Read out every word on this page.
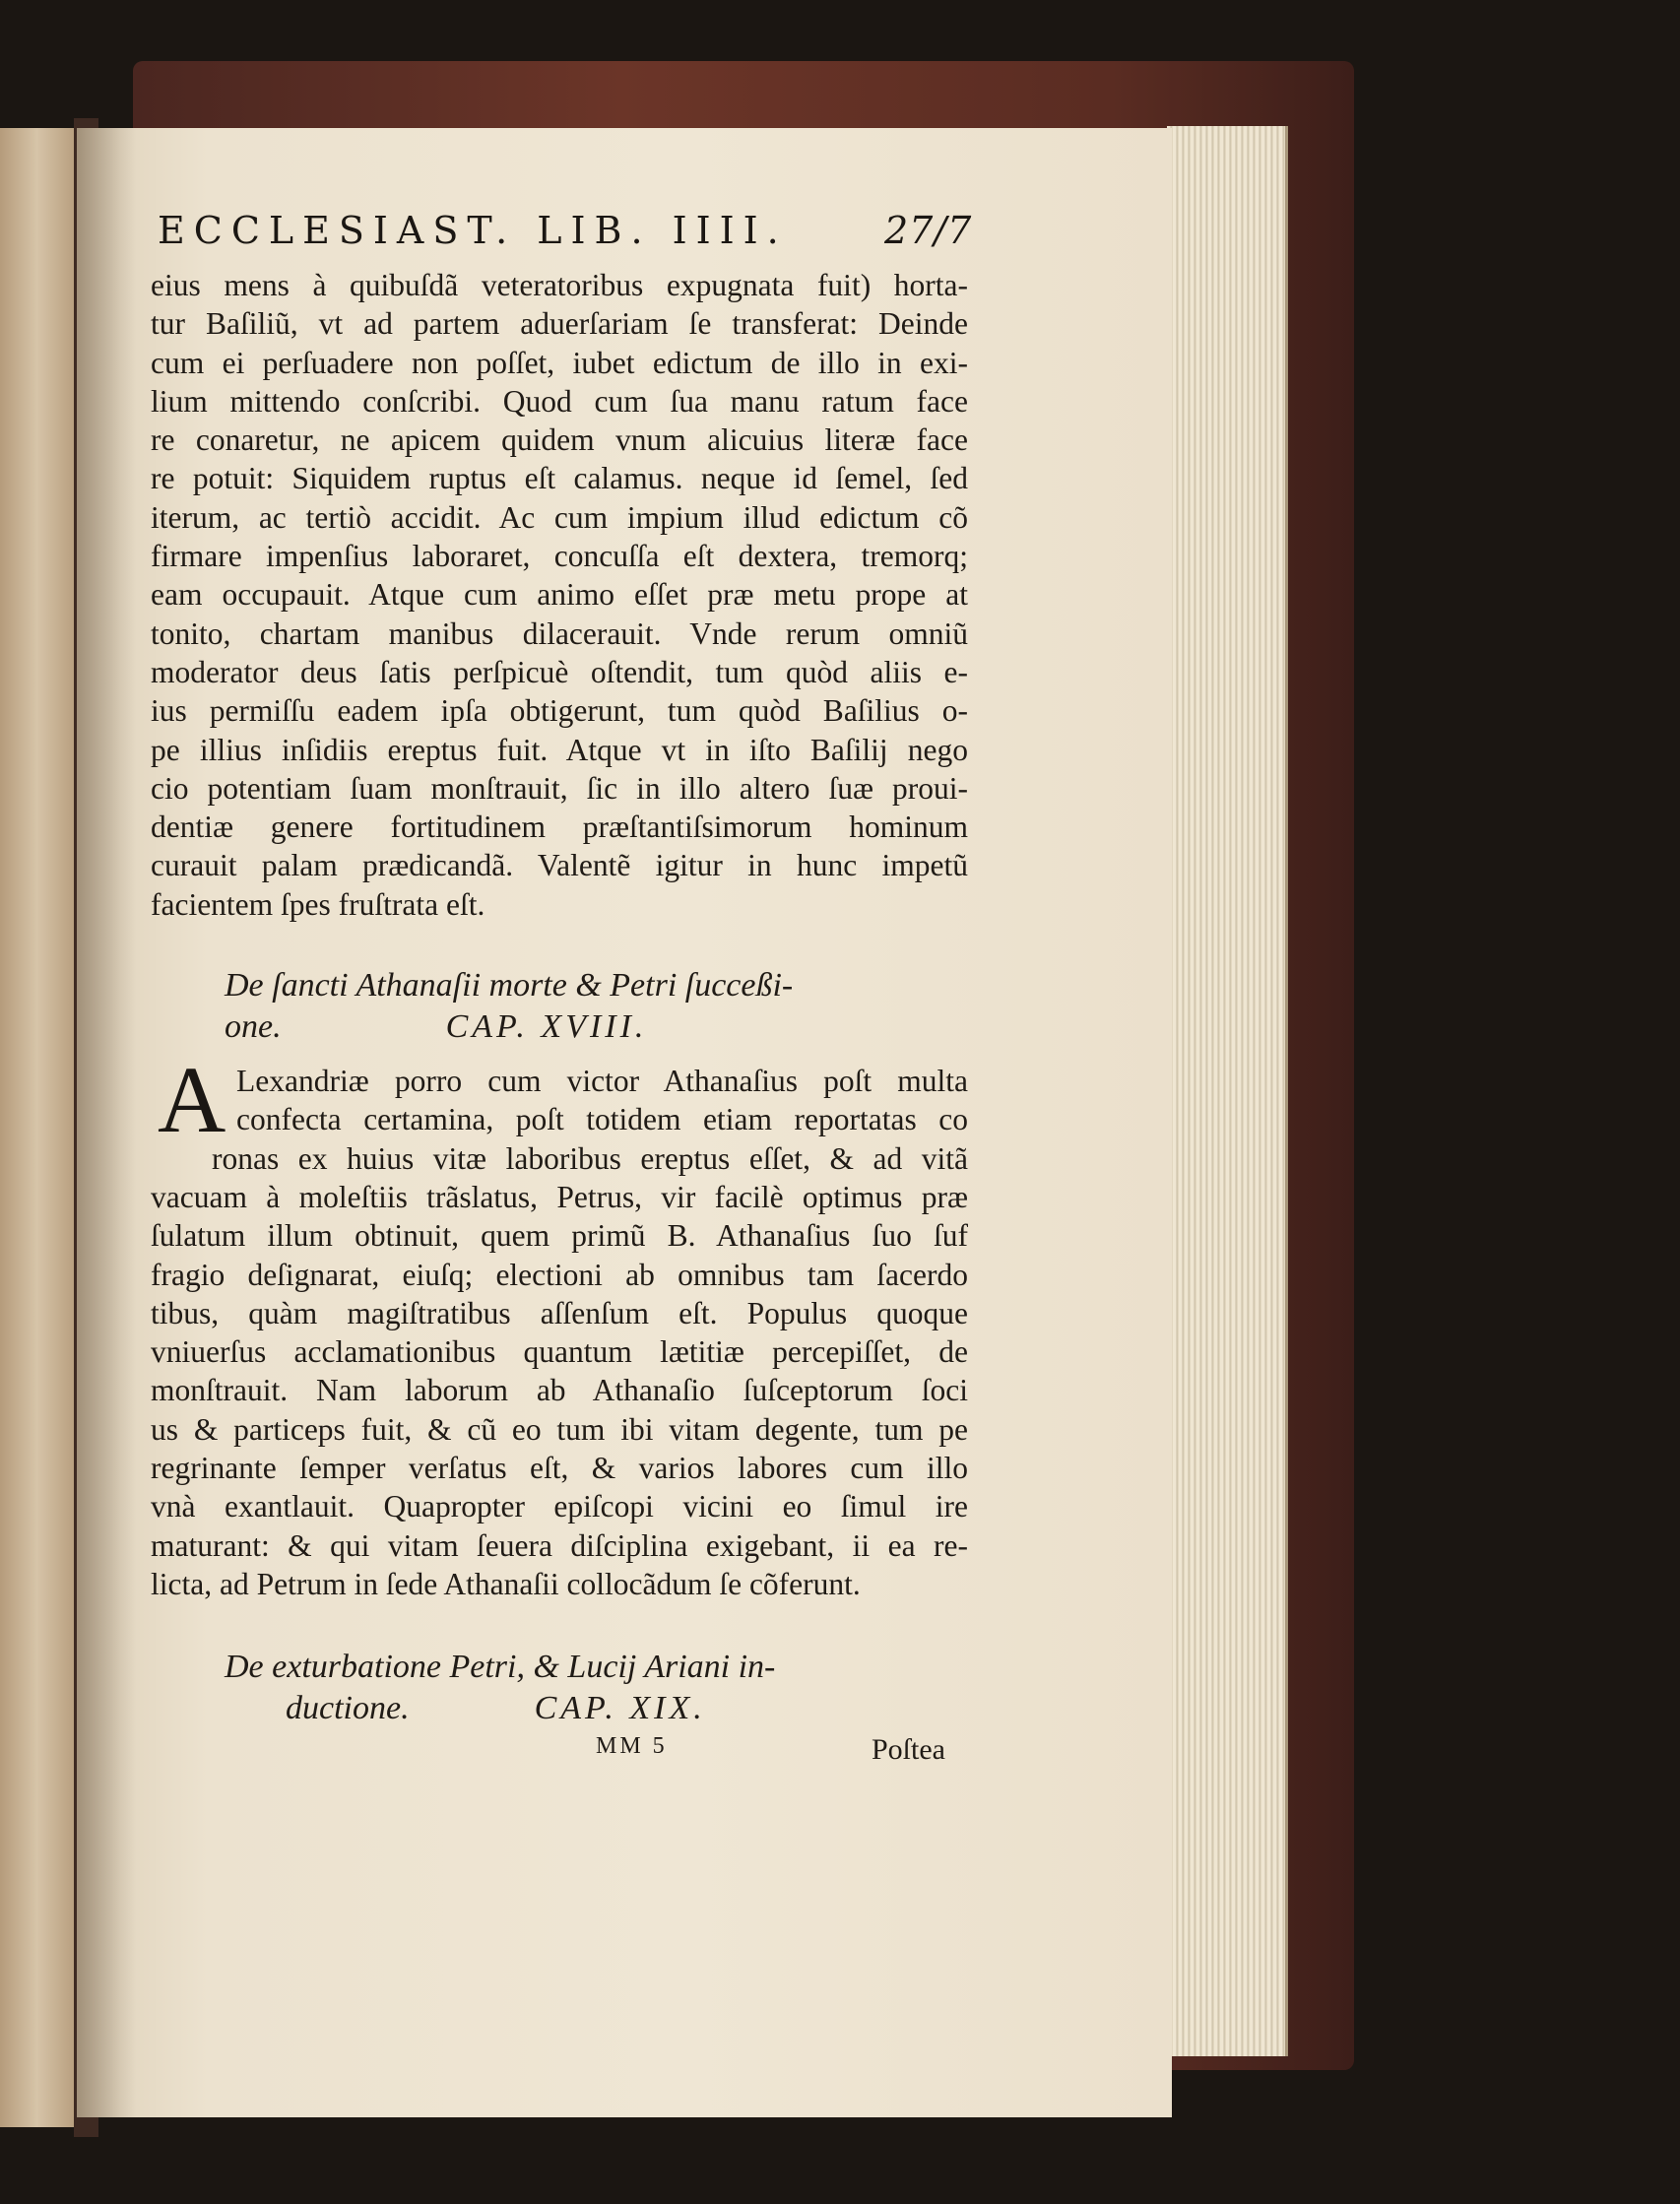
ECCLESIAST. LIB. IIII.	27/7
eius mens à quibuſdã veteratoribus expugnata fuit) horta-
tur Baſiliũ, vt ad partem aduerſariam ſe transferat: Deinde
cum ei perſuadere non poſſet, iubet edictum de illo in exi-
lium mittendo conſcribi. Quod cum ſua manu ratum face
re conaretur, ne apicem quidem vnum alicuius literæ face
re potuit: Siquidem ruptus eſt calamus. neque id ſemel, ſed
iterum, ac tertiò accidit. Ac cum impium illud edictum cõ
firmare impenſius laboraret, concuſſa eſt dextera, tremorq;
eam occupauit. Atque cum animo eſſet præ metu prope at
tonito, chartam manibus dilacerauit. Vnde rerum omniũ
moderator deus ſatis perſpicuè oſtendit, tum quòd aliis e-
ius permiſſu eadem ipſa obtigerunt, tum quòd Baſilius o-
pe illius inſidiis ereptus fuit. Atque vt in iſto Baſilij nego
cio potentiam ſuam monſtrauit, ſic in illo altero ſuæ proui-
dentiæ genere fortitudinem præſtantiſsimorum hominum
curauit palam prædicandã. Valentẽ igitur in hunc impetũ
facientem ſpes fruſtrata eſt.
De ſancti Athanaſii morte & Petri ſucceßi-
one.	CAP. XVIII.
A Lexandriæ porro cum victor Athanaſius poſt multa
confecta certamina, poſt totidem etiam reportatas co
ronas ex huius vitæ laboribus ereptus eſſet, & ad vitã
vacuam à moleſtiis trãslatus, Petrus, vir facilè optimus præ
ſulatum illum obtinuit, quem primũ B. Athanaſius ſuo ſuf
fragio deſignarat, eiuſq; electioni ab omnibus tam ſacerdo
tibus, quàm magiſtratibus aſſenſum eſt. Populus quoque
vniuerſus acclamationibus quantum lætitiæ percepiſſet, de
monſtrauit. Nam laborum ab Athanaſio ſuſceptorum ſoci
us & particeps fuit, & cũ eo tum ibi vitam degente, tum pe
regrinante ſemper verſatus eſt, & varios labores cum illo
vnà exantlauit. Quapropter epiſcopi vicini eo ſimul ire
maturant: & qui vitam ſeuera diſciplina exigebant, ii ea re-
licta, ad Petrum in ſede Athanaſii collocãdum ſe cõferunt.
De exturbatione Petri, & Lucij Ariani in-
ductione.	CAP. XIX.
MM 5	Poſtea
